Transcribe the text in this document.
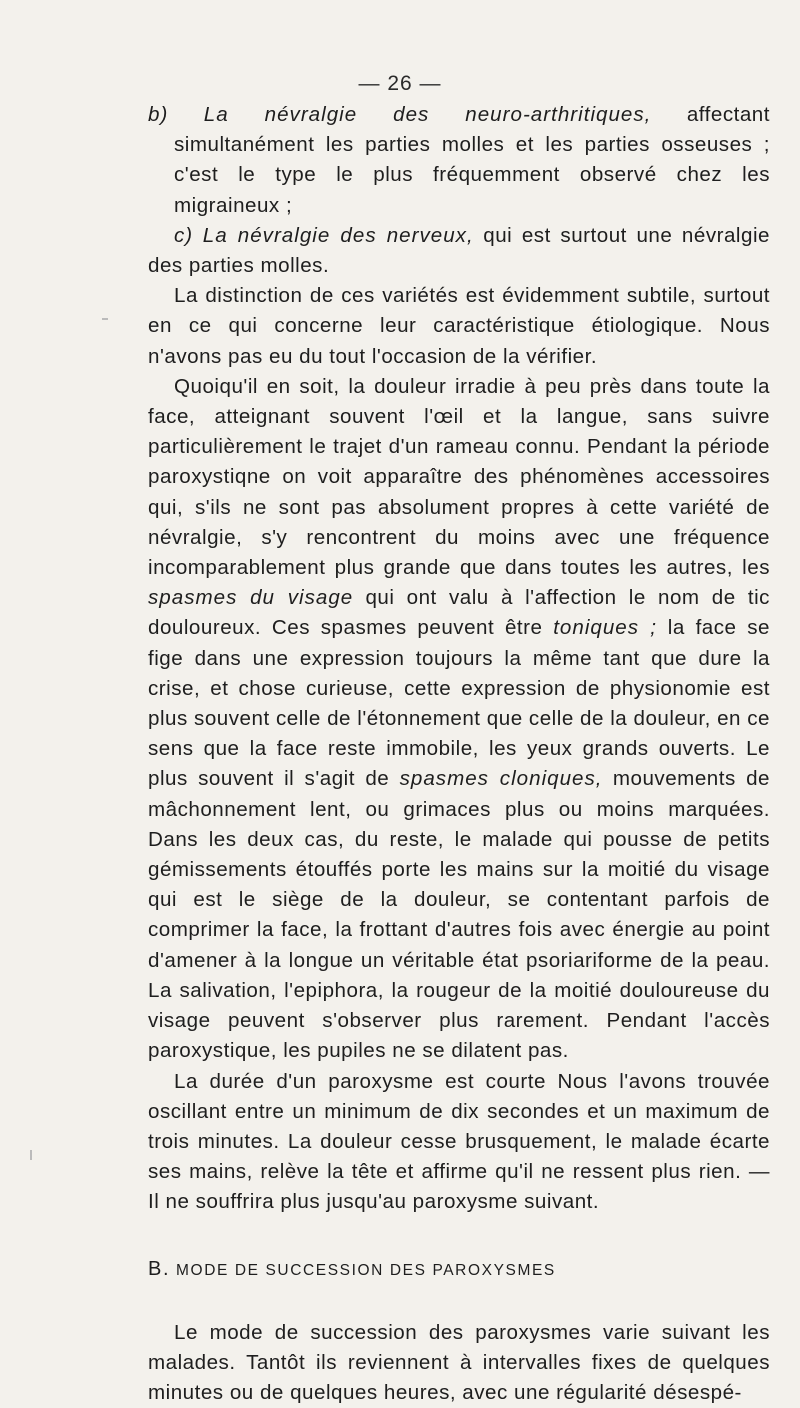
— 26 —

b) La névralgie des neuro-arthritiques, affectant simultanément les parties molles et les parties osseuses ; c'est le type le plus fréquemment observé chez les migraineux ;

c) La névralgie des nerveux, qui est surtout une névralgie des parties molles.

La distinction de ces variétés est évidemment subtile, surtout en ce qui concerne leur caractéristique étiologique. Nous n'avons pas eu du tout l'occasion de la vérifier.

Quoiqu'il en soit, la douleur irradie à peu près dans toute la face, atteignant souvent l'œil et la langue, sans suivre particulièrement le trajet d'un rameau connu. Pendant la période paroxystiqne on voit apparaître des phénomènes accessoires qui, s'ils ne sont pas absolument propres à cette variété de névralgie, s'y rencontrent du moins avec une fréquence incomparablement plus grande que dans toutes les autres, les spasmes du visage qui ont valu à l'affection le nom de tic douloureux. Ces spasmes peuvent être toniques ; la face se fige dans une expression toujours la même tant que dure la crise, et chose curieuse, cette expression de physionomie est plus souvent celle de l'étonnement que celle de la douleur, en ce sens que la face reste immobile, les yeux grands ouverts. Le plus souvent il s'agit de spasmes cloniques, mouvements de mâchonnement lent, ou grimaces plus ou moins marquées. Dans les deux cas, du reste, le malade qui pousse de petits gémissements étouffés porte les mains sur la moitié du visage qui est le siège de la douleur, se contentant parfois de comprimer la face, la frottant d'autres fois avec énergie au point d'amener à la longue un véritable état psoriariforme de la peau. La salivation, l'epiphora, la rougeur de la moitié douloureuse du visage peuvent s'observer plus rarement. Pendant l'accès paroxystique, les pupiles ne se dilatent pas.

La durée d'un paroxysme est courte Nous l'avons trouvée oscillant entre un minimum de dix secondes et un maximum de trois minutes. La douleur cesse brusquement, le malade écarte ses mains, relève la tête et affirme qu'il ne ressent plus rien. — Il ne souffrira plus jusqu'au paroxysme suivant.

B. MODE DE SUCCESSION DES PAROXYSMES

Le mode de succession des paroxysmes varie suivant les malades. Tantôt ils reviennent à intervalles fixes de quelques minutes ou de quelques heures, avec une régularité désespé-
